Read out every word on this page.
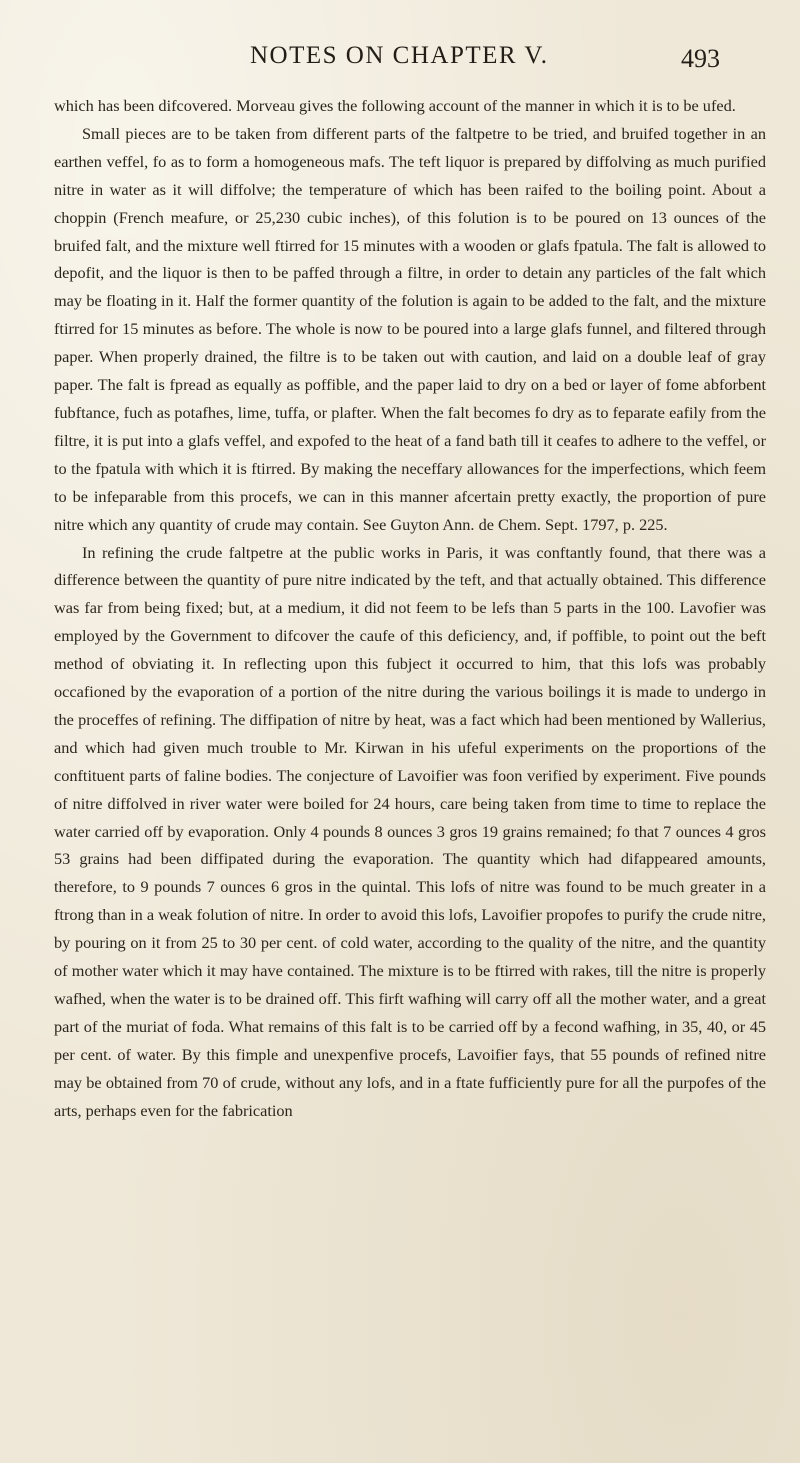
NOTES ON CHAPTER V.	493

which has been difcovered. Morveau gives the following account of the manner in which it is to be ufed.

Small pieces are to be taken from different parts of the faltpetre to be tried, and bruifed together in an earthen veffel, fo as to form a homogeneous mafs. The teft liquor is prepared by diffolving as much purified nitre in water as it will diffolve; the temperature of which has been raifed to the boiling point. About a choppin (French meafure, or 25,230 cubic inches), of this folution is to be poured on 13 ounces of the bruifed falt, and the mixture well ftirred for 15 minutes with a wooden or glafs fpatula. The falt is allowed to depofit, and the liquor is then to be paffed through a filtre, in order to detain any particles of the falt which may be floating in it. Half the former quantity of the folution is again to be added to the falt, and the mixture ftirred for 15 minutes as before. The whole is now to be poured into a large glafs funnel, and filtered through paper. When properly drained, the filtre is to be taken out with caution, and laid on a double leaf of gray paper. The falt is fpread as equally as poffible, and the paper laid to dry on a bed or layer of fome abforbent fubftance, fuch as potafhes, lime, tuffa, or plafter. When the falt becomes fo dry as to feparate eafily from the filtre, it is put into a glafs veffel, and expofed to the heat of a fand bath till it ceafes to adhere to the veffel, or to the fpatula with which it is ftirred. By making the neceffary allowances for the imperfections, which feem to be infeparable from this procefs, we can in this manner afcertain pretty exactly, the proportion of pure nitre which any quantity of crude may contain. See Guyton Ann. de Chem. Sept. 1797, p. 225.

In refining the crude faltpetre at the public works in Paris, it was conftantly found, that there was a difference between the quantity of pure nitre indicated by the teft, and that actually obtained. This difference was far from being fixed; but, at a medium, it did not feem to be lefs than 5 parts in the 100. Lavofier was employed by the Government to difcover the caufe of this deficiency, and, if poffible, to point out the beft method of obviating it. In reflecting upon this fubject it occurred to him, that this lofs was probably occafioned by the evaporation of a portion of the nitre during the various boilings it is made to undergo in the proceffes of refining. The diffipation of nitre by heat, was a fact which had been mentioned by Wallerius, and which had given much trouble to Mr. Kirwan in his ufeful experiments on the proportions of the conftituent parts of faline bodies. The conjecture of Lavoifier was foon verified by experiment. Five pounds of nitre diffolved in river water were boiled for 24 hours, care being taken from time to time to replace the water carried off by evaporation. Only 4 pounds 8 ounces 3 gros 19 grains remained; fo that 7 ounces 4 gros 53 grains had been diffipated during the evaporation. The quantity which had difappeared amounts, therefore, to 9 pounds 7 ounces 6 gros in the quintal. This lofs of nitre was found to be much greater in a ftrong than in a weak folution of nitre. In order to avoid this lofs, Lavoifier propofes to purify the crude nitre, by pouring on it from 25 to 30 per cent. of cold water, according to the quality of the nitre, and the quantity of mother water which it may have contained. The mixture is to be ftirred with rakes, till the nitre is properly wafhed, when the water is to be drained off. This firft wafhing will carry off all the mother water, and a great part of the muriat of foda. What remains of this falt is to be carried off by a fecond wafhing, in 35, 40, or 45 per cent. of water. By this fimple and unexpenfive procefs, Lavoifier fays, that 55 pounds of refined nitre may be obtained from 70 of crude, without any lofs, and in a ftate fufficiently pure for all the purpofes of the arts, perhaps even for the fabrication
